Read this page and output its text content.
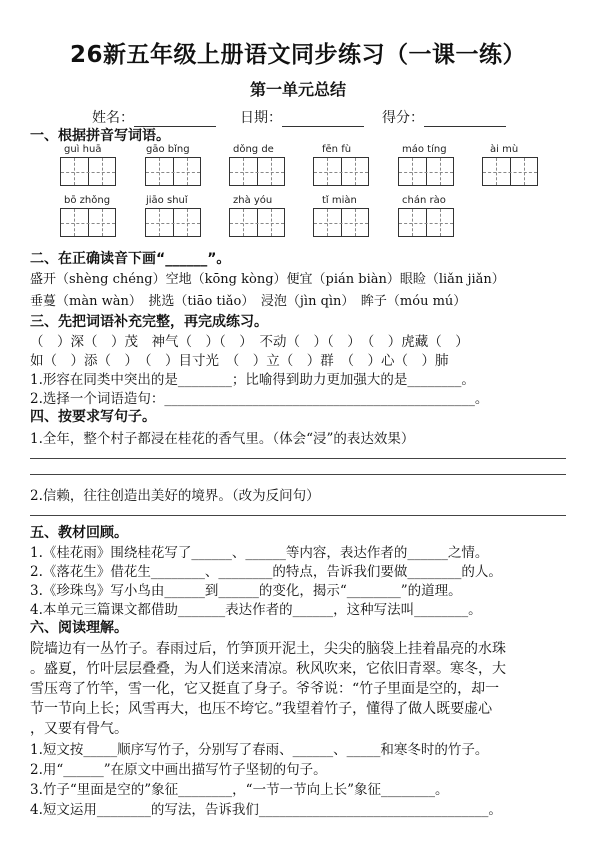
26新五年级上册语文同步练习（一课一练）
第一单元总结
姓名：	日期：	得分：
一、根据拼音写词语。
guì huā	gāo bǐng	dǒng de	fēn fù	máo tíng	ài mù
bō zhǒng	jiāo shuǐ	zhà yóu	tǐ miàn	chán rào
二、在正确读音下画“______”。
盛开（shèng chéng）空地（kōng kòng）便宜（pián biàn）眼睑（liǎn jiǎn）
垂蔓（màn wàn）　挑选（tiāo tiǎo）　浸泡（jìn qìn）　眸子（móu mú）
三、先把词语补充完整，再完成练习。
（　）深（　）茂　神气（　）（　）　不动（　）（　）　（　）虎藏（　）
如（　）添（　）　（　）目寸光　（　）立（　）群　（　）心（　）肺
1.形容在同类中突出的是________；比喻得到助力更加强大的是________。
2.选择一个词语造句：______________________________________________。
四、按要求写句子。
1.全年，整个村子都浸在桂花的香气里。（体会“浸”的表达效果）
2.信赖，往往创造出美好的境界。（改为反问句）
五、教材回顾。
1.《桂花雨》围绕桂花写了______、______等内容，表达作者的______之情。
2.《落花生》借花生________、________的特点，告诉我们要做________的人。
3.《珍珠鸟》写小鸟由______到______的变化，揭示“________”的道理。
4.本单元三篇课文都借助_______表达作者的______，这种写法叫________。
六、阅读理解。
院墙边有一丛竹子。春雨过后，竹笋顶开泥土，尖尖的脑袋上挂着晶亮的水珠
。盛夏，竹叶层层叠叠，为人们送来清凉。秋风吹来，它依旧青翠。寒冬，大
雪压弯了竹竿，雪一化，它又挺直了身子。爷爷说：“竹子里面是空的，却一
节一节向上长；风雪再大，也压不垮它。”我望着竹子，懂得了做人既要虚心
，又要有骨气。
1.短文按_____顺序写竹子，分别写了春雨、______、_____和寒冬时的竹子。
2.用“______”在原文中画出描写竹子坚韧的句子。
3.竹子“里面是空的”象征________，“一节一节向上长”象征________。
4.短文运用________的写法，告诉我们__________________________________。
